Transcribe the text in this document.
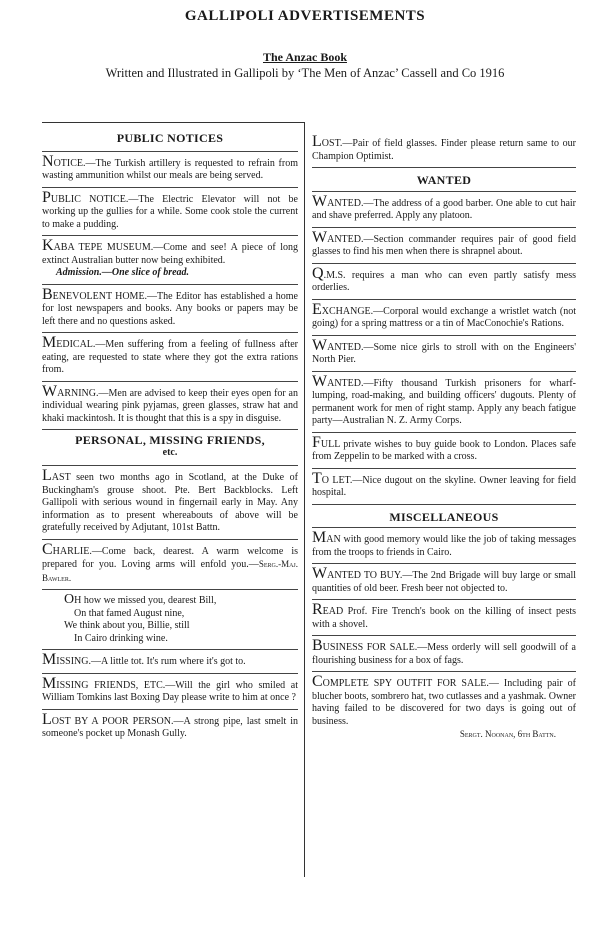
GALLIPOLI ADVERTISEMENTS
The Anzac Book
Written and Illustrated in Gallipoli by ‘The Men of Anzac’ Cassell and Co 1916
PUBLIC NOTICES

NOTICE.—The Turkish artillery is requested to refrain from wasting ammunition whilst our meals are being served.

PUBLIC NOTICE.—The Electric Elevator will not be working up the gullies for a while. Some cook stole the current to make a pudding.

KABA TEPE MUSEUM.—Come and see! A piece of long extinct Australian butter now being exhibited.

Admission.—One slice of bread.

BENEVOLENT HOME.—The Editor has established a home for lost newspapers and books. Any books or papers may be left there and no questions asked.

MEDICAL.—Men suffering from a feeling of fullness after eating, are requested to state where they got the extra rations from.

WARNING.—Men are advised to keep their eyes open for an individual wearing pink pyjamas, green glasses, straw hat and khaki mackintosh. It is thought that this is a spy in disguise.

PERSONAL, MISSING FRIENDS,
etc.

LAST seen two months ago in Scotland, at the Duke of Buckingham's grouse shoot. Pte. Bert Backblocks. Left Gallipoli with serious wound in fingernail early in May. Any information as to present whereabouts of above will be gratefully received by Adjutant, 101st Battn.

CHARLIE.—Come back, dearest. A warm welcome is prepared for you. Loving arms will enfold you.—Serg.-Maj. Bawler.

OH how we missed you, dearest Bill,
On that famed August nine,
We think about you, Billie, still
In Cairo drinking wine.

MISSING.—A little tot. It's rum where it's got to.

MISSING FRIENDS, ETC.—Will the girl who smiled at William Tomkins last Boxing Day please write to him at once ?

LOST BY A POOR PERSON.—A strong pipe, last smelt in someone's pocket up Monash Gully.

LOST.—Pair of field glasses. Finder please return same to our Champion Optimist.

WANTED

WANTED.—The address of a good barber. One able to cut hair and shave preferred. Apply any platoon.

WANTED.—Section commander requires pair of good field glasses to find his men when there is shrapnel about.

Q.M.S. requires a man who can even partly satisfy mess orderlies.

EXCHANGE.—Corporal would exchange a wristlet watch (not going) for a spring mattress or a tin of MacConochie's Rations.

WANTED.—Some nice girls to stroll with on the Engineers' North Pier.

WANTED.—Fifty thousand Turkish prisoners for wharf-lumping, road-making, and building officers' dugouts. Plenty of permanent work for men of right stamp. Apply any beach fatigue party—Australian N. Z. Army Corps.

FULL private wishes to buy guide book to London. Places safe from Zeppelin to be marked with a cross.

TO LET.—Nice dugout on the skyline. Owner leaving for field hospital.

MISCELLANEOUS

MAN with good memory would like the job of taking messages from the troops to friends in Cairo.

WANTED TO BUY.—The 2nd Brigade will buy large or small quantities of old beer. Fresh beer not objected to.

READ Prof. Fire Trench's book on the killing of insect pests with a shovel.

BUSINESS FOR SALE.—Mess orderly will sell goodwill of a flourishing business for a box of fags.

COMPLETE SPY OUTFIT FOR SALE.— Including pair of blucher boots, sombrero hat, two cutlasses and a yashmak. Owner having failed to be discovered for two days is going out of business.

Sergt. Noonan, 6th Battn.
